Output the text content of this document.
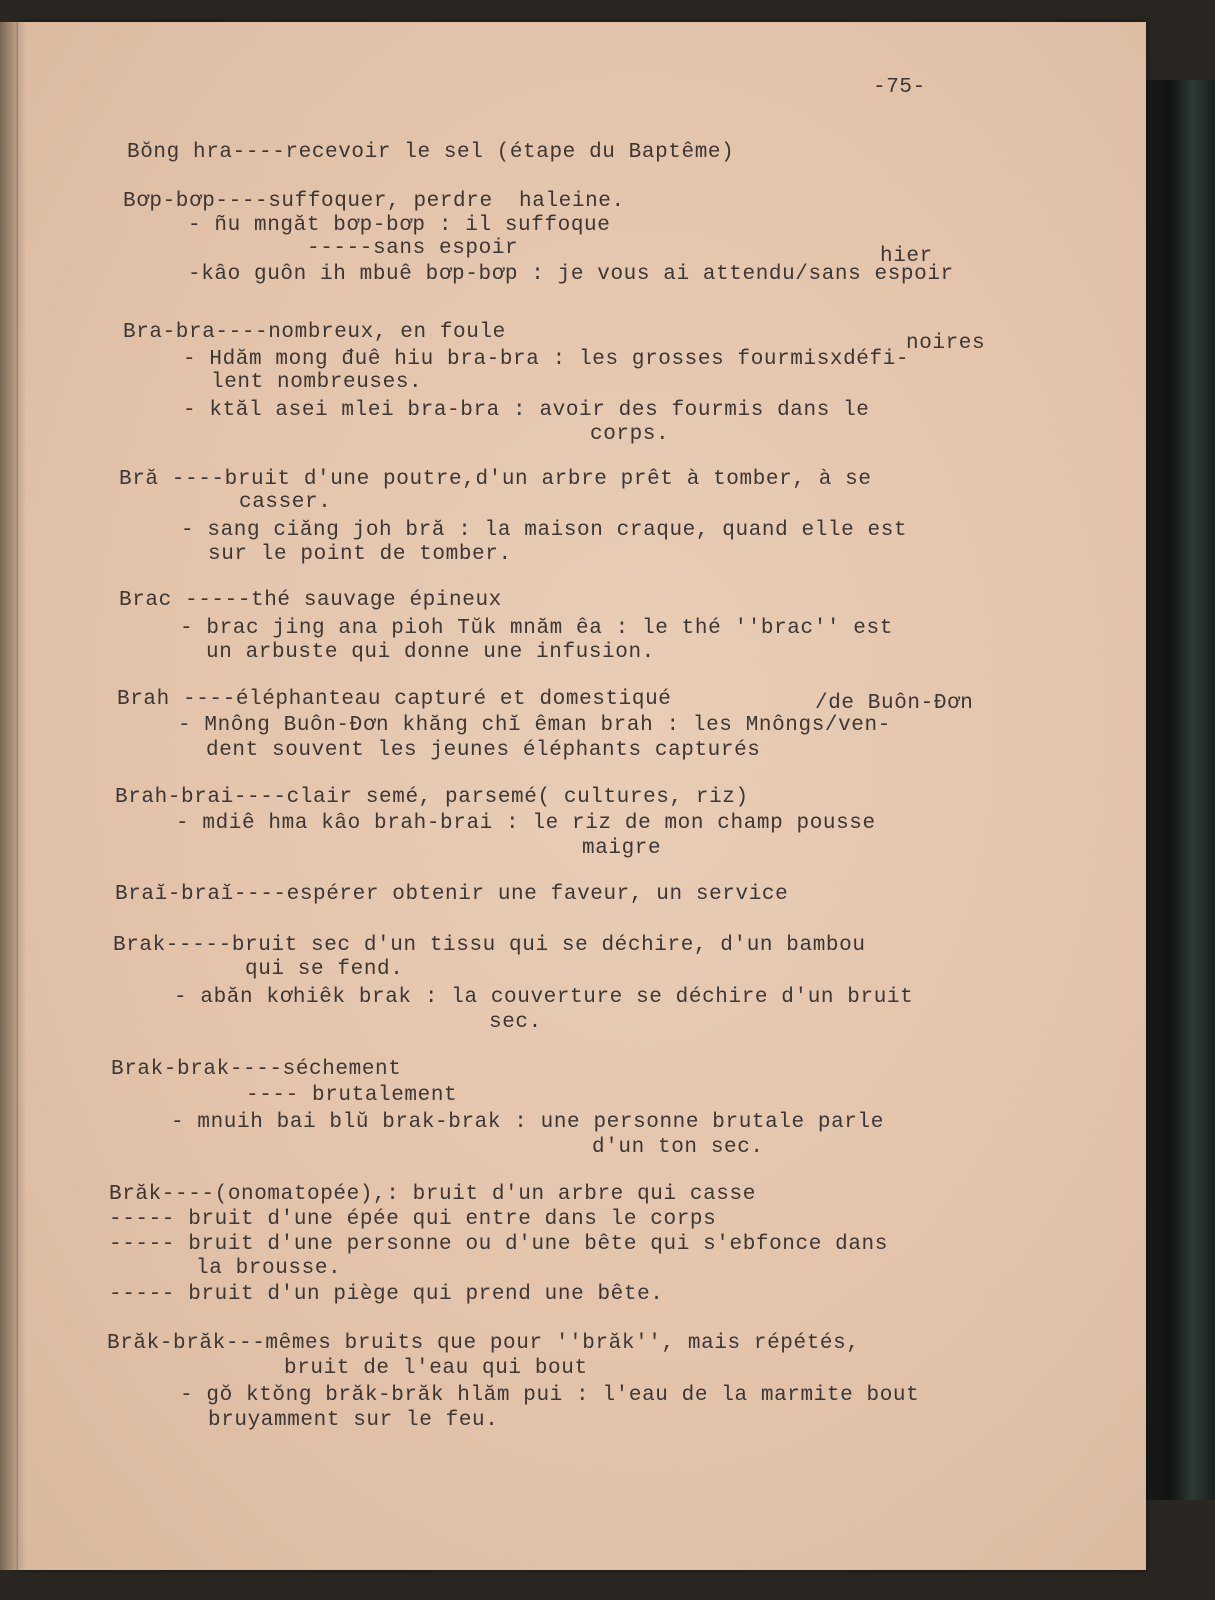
-75-
Bŏng hra----recevoir le sel (étape du Baptême)
Bơp-bơp----suffoquer, perdre  haleine.
- ñu mngăt bơp-bơp : il suffoque
-----sans espoir	hier
-kâo guôn ih mbuê bơp-bơp : je vous ai attendu/sans espoir
Bra-bra----nombreux, en foule	noires
- Hdăm mong đuê hiu bra-bra : les grosses fourmisxdéfi-
lent nombreuses.
- ktăl asei mlei bra-bra : avoir des fourmis dans le
corps.
Bră ----bruit d'une poutre,d'un arbre prêt à tomber, à se
casser.
- sang ciăng joh bră : la maison craque, quand elle est
sur le point de tomber.
Brac -----thé sauvage épineux
- brac jing ana pioh Tŭk mnăm êa : le thé ''brac'' est
un arbuste qui donne une infusion.
Brah ----éléphanteau capturé et domestiqué	/de Buôn-Đơn
- Mnông Buôn-Đơn khăng chĭ êman brah : les Mnôngs/ven-
dent souvent les jeunes éléphants capturés
Brah-brai----clair semé, parsemé( cultures, riz)
- mdiê hma kâo brah-brai : le riz de mon champ pousse
maigre
Braĭ-braĭ----espérer obtenir une faveur, un service
Brak-----bruit sec d'un tissu qui se déchire, d'un bambou
qui se fend.
- abăn kơhiêk brak : la couverture se déchire d'un bruit
sec.
Brak-brak----séchement
---- brutalement
- mnuih bai blŭ brak-brak : une personne brutale parle
d'un ton sec.
Brăk----(onomatopée),: bruit d'un arbre qui casse
----- bruit d'une épée qui entre dans le corps
----- bruit d'une personne ou d'une bête qui s'ebfonce dans
la brousse.
----- bruit d'un piège qui prend une bête.
Brăk-brăk---mêmes bruits que pour ''brăk'', mais répétés,
bruit de l'eau qui bout
- gŏ ktŏng brăk-brăk hlăm pui : l'eau de la marmite bout
bruyamment sur le feu.
